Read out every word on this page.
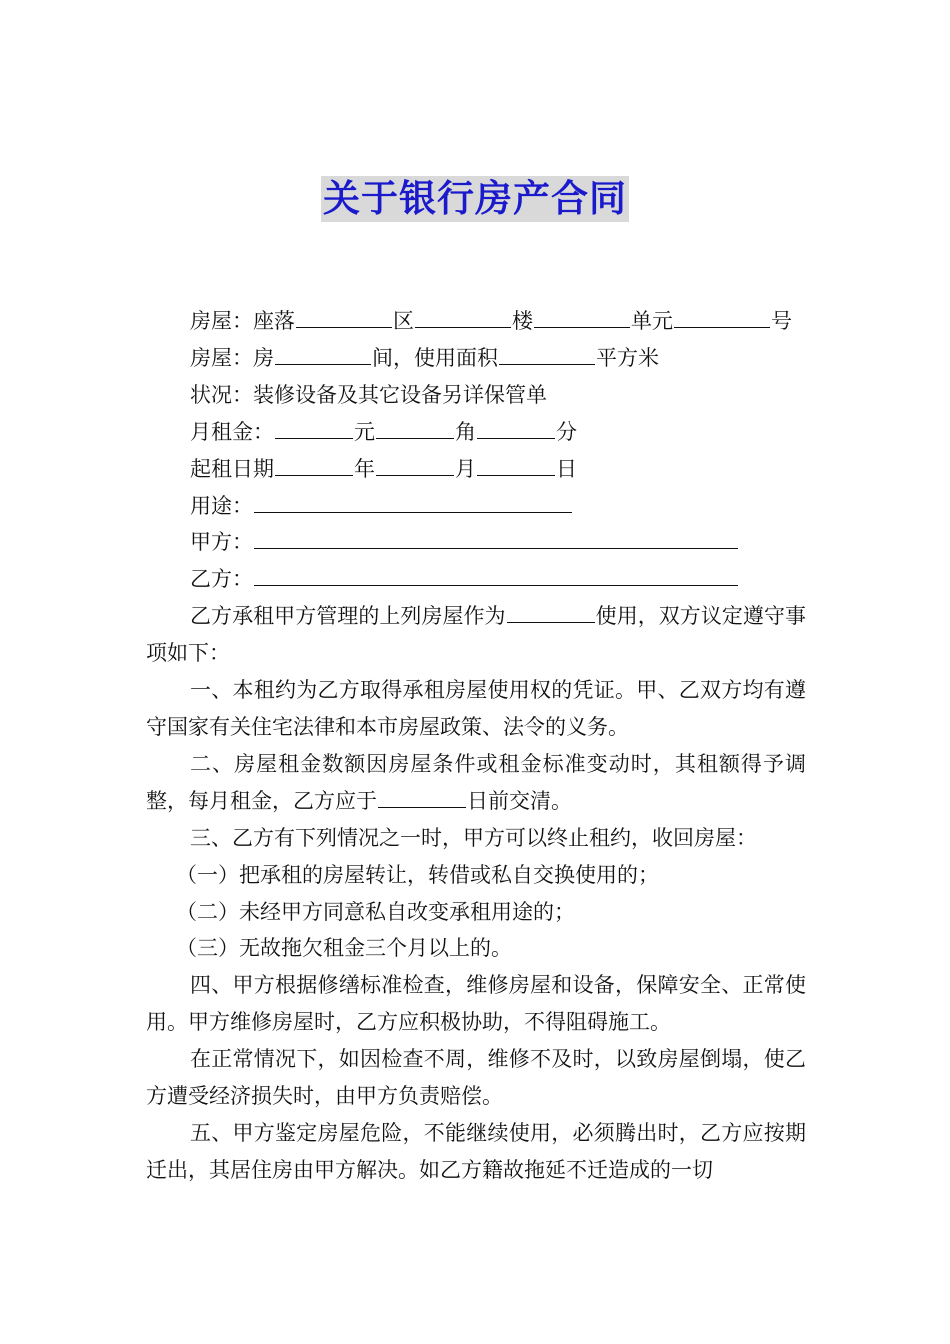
关于银行房产合同

房屋：座落	区	楼	单元	号

房屋：房	间，使用面积	平方米

状况：装修设备及其它设备另详保管单

月租金：	元	角	分

起租日期	年	月	日

用途：

甲方：

乙方：

乙方承租甲方管理的上列房屋作为	使用，双方议定遵守事项如下：

一、本租约为乙方取得承租房屋使用权的凭证。甲、乙双方均有遵守国家有关住宅法律和本市房屋政策、法令的义务。

二、房屋租金数额因房屋条件或租金标准变动时，其租额得予调整，每月租金，乙方应于	日前交清。

三、乙方有下列情况之一时，甲方可以终止租约，收回房屋：

（一）把承租的房屋转让，转借或私自交换使用的；

（二）未经甲方同意私自改变承租用途的；

（三）无故拖欠租金三个月以上的。

四、甲方根据修缮标准检查，维修房屋和设备，保障安全、正常使用。甲方维修房屋时，乙方应积极协助，不得阻碍施工。

在正常情况下，如因检查不周，维修不及时，以致房屋倒塌，使乙方遭受经济损失时，由甲方负责赔偿。

五、甲方鉴定房屋危险，不能继续使用，必须腾出时，乙方应按期迁出，其居住房由甲方解决。如乙方籍故拖延不迁造成的一切
